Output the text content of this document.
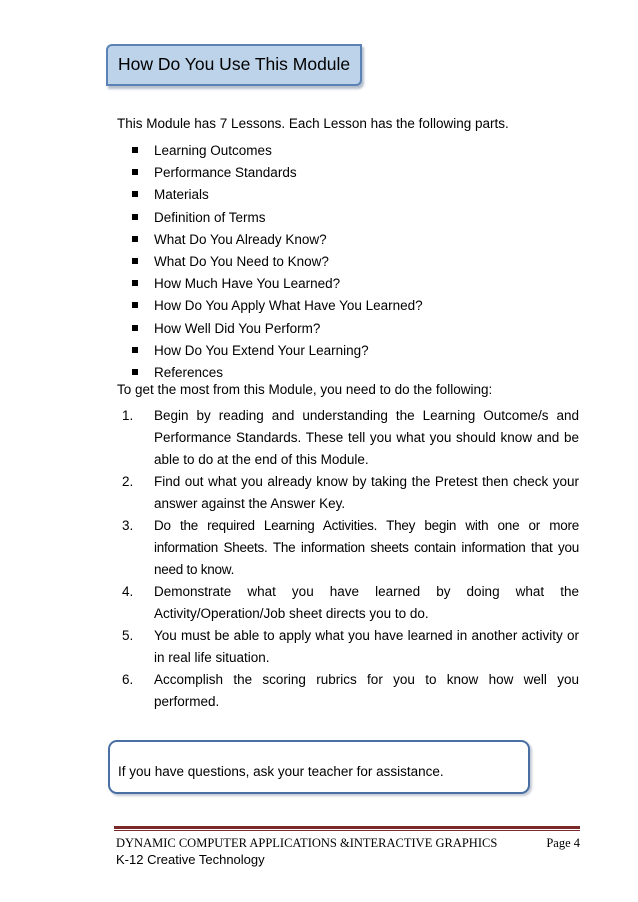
How Do You Use This Module
This Module has 7 Lessons. Each Lesson has the following parts.
Learning Outcomes
Performance Standards
Materials
Definition of Terms
What Do You Already Know?
What Do You Need to Know?
How Much Have You Learned?
How Do You Apply What Have You Learned?
How Well Did You Perform?
How Do You Extend Your Learning?
References
To get the most from this Module, you need to do the following:
1. Begin by reading and understanding the Learning Outcome/s and Performance Standards. These tell you what you should know and be able to do at the end of this Module.
2. Find out what you already know by taking the Pretest then check your answer against the Answer Key.
3. Do the required Learning Activities. They begin with one or more information Sheets. The information sheets contain information that you need to know.
4. Demonstrate what you have learned by doing what the Activity/Operation/Job sheet directs you to do.
5. You must be able to apply what you have learned in another activity or in real life situation.
6. Accomplish the scoring rubrics for you to know how well you performed.
If you have questions, ask your teacher for assistance.
DYNAMIC COMPUTER APPLICATIONS &INTERACTIVE GRAPHICS	Page 4
K-12 Creative Technology
